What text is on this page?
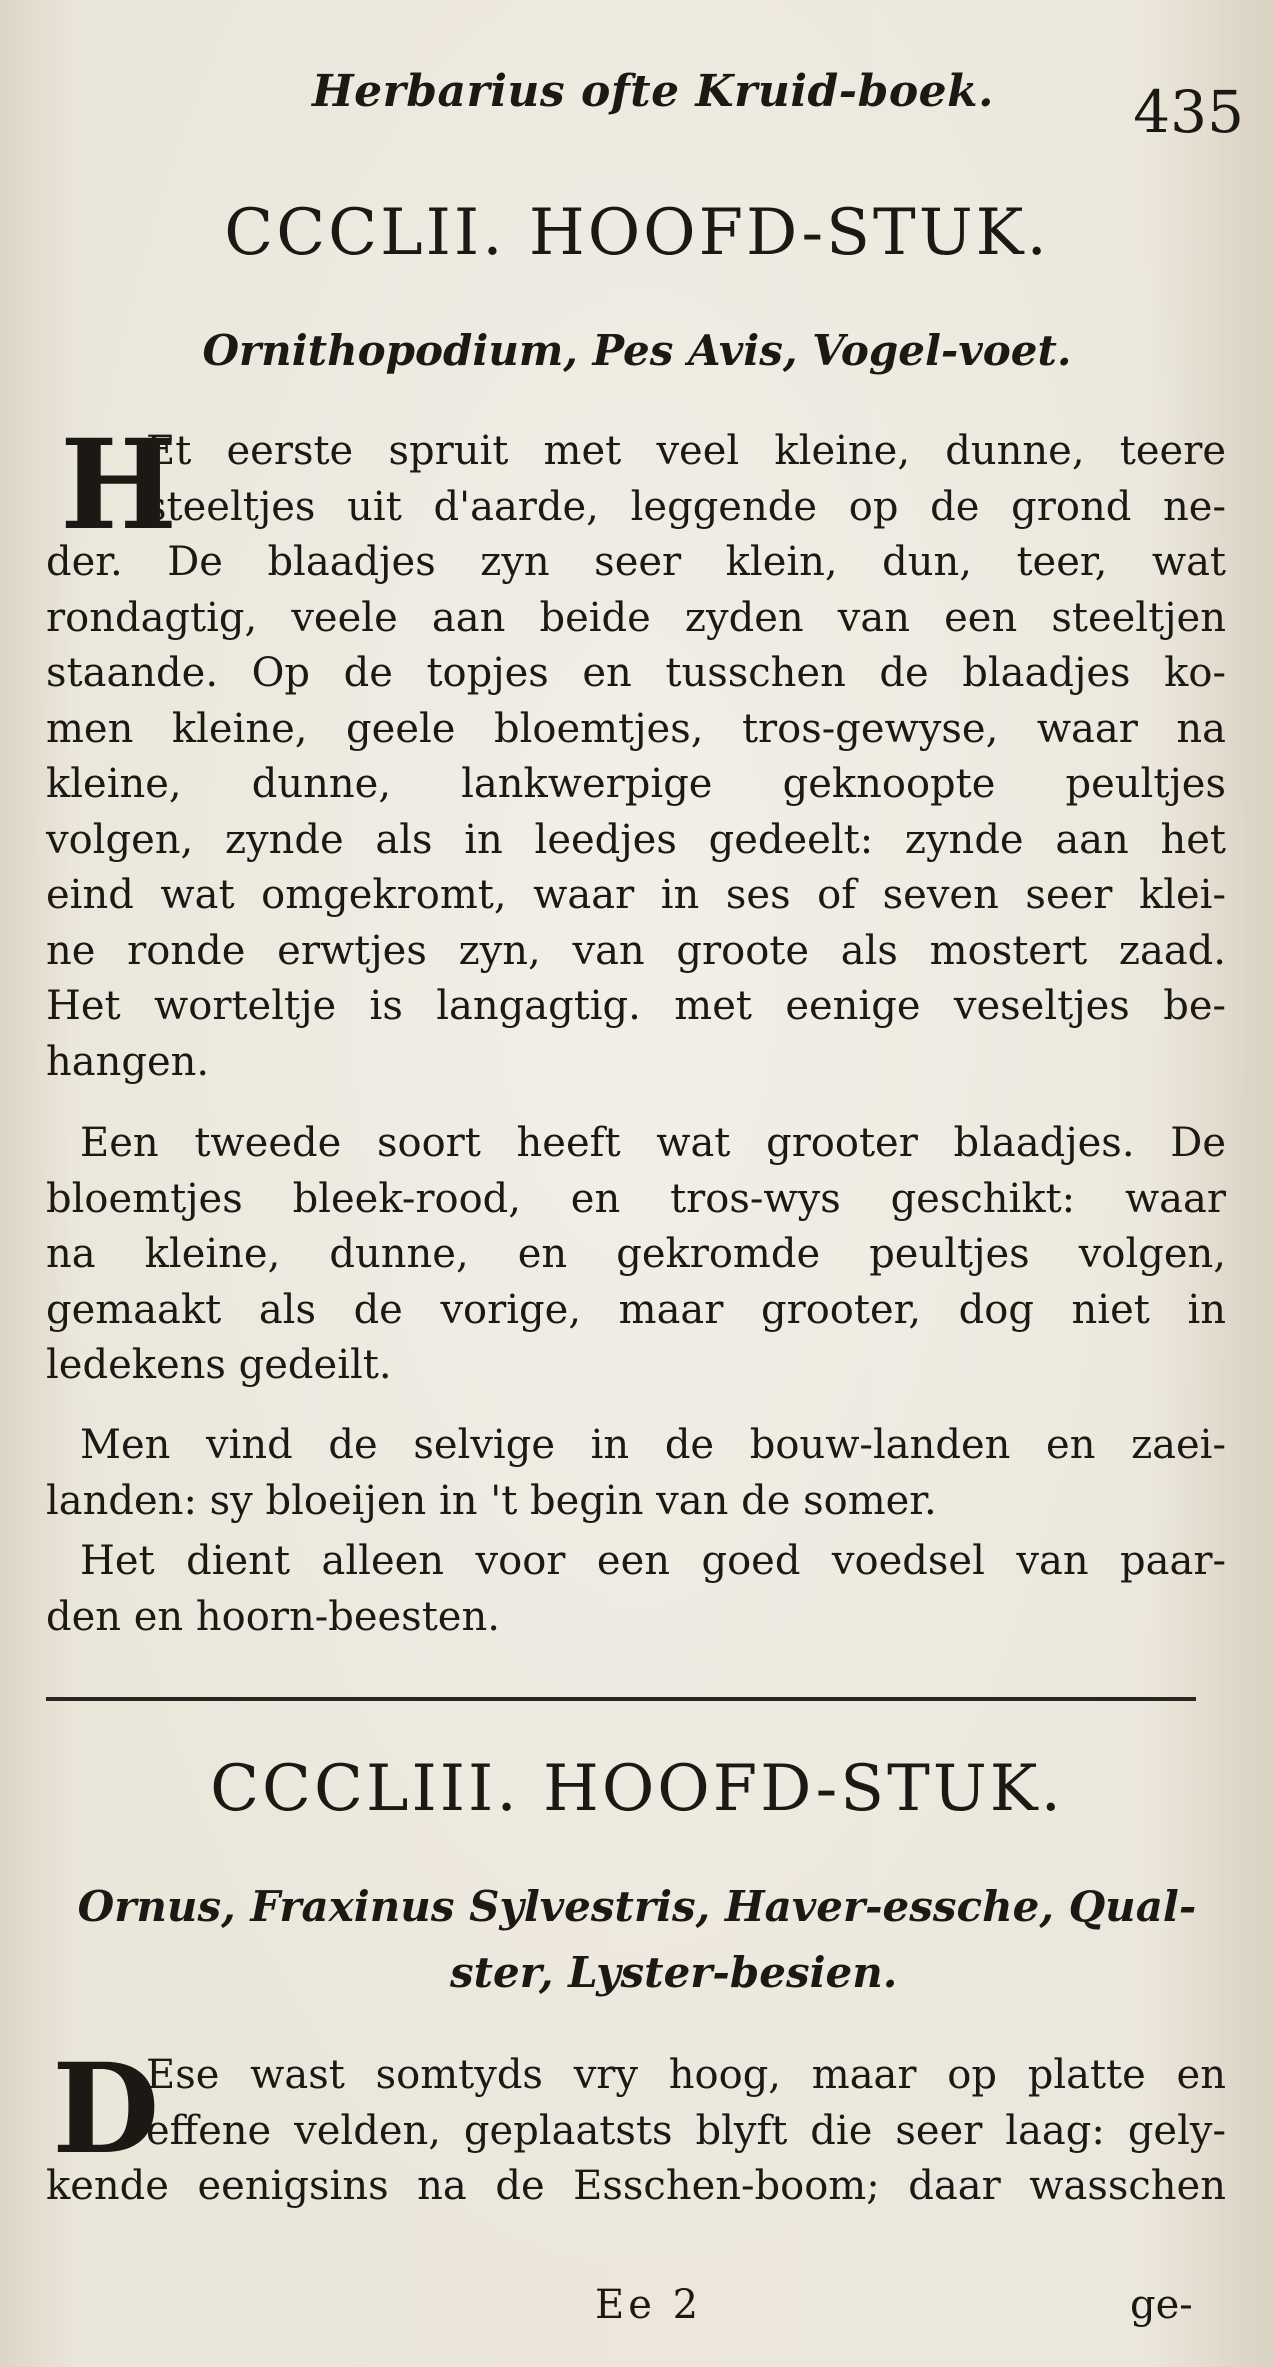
Herbarius ofte Kruid-boek. 435
CCCLII. HOOFD-STUK.
Ornithopodium, Pes Avis, Vogel-voet.
H
Et eerste spruit met veel kleine, dunne, teere
steeltjes uit d'aarde, leggende op de grond ne-
der. De blaadjes zyn seer klein, dun, teer, wat
rondagtig, veele aan beide zyden van een steeltjen
staande. Op de topjes en tusschen de blaadjes ko-
men kleine, geele bloemtjes, tros-gewyse, waar na
kleine, dunne, lankwerpige geknoopte peultjes
volgen, zynde als in leedjes gedeelt: zynde aan het
eind wat omgekromt, waar in ses of seven seer klei-
ne ronde erwtjes zyn, van groote als mostert zaad.
Het worteltje is langagtig. met eenige veseltjes be-
hangen.
Een tweede soort heeft wat grooter blaadjes. De
bloemtjes bleek-rood, en tros-wys geschikt: waar
na kleine, dunne, en gekromde peultjes volgen,
gemaakt als de vorige, maar grooter, dog niet in
ledekens gedeilt.
Men vind de selvige in de bouw-landen en zaei-
landen: sy bloeijen in 't begin van de somer.
Het dient alleen voor een goed voedsel van paar-
den en hoorn-beesten.
CCCLIII. HOOFD-STUK.
Ornus, Fraxinus Sylvestris, Haver-essche, Qual-
ster, Lyster-besien.
D
Ese wast somtyds vry hoog, maar op platte en
effene velden, geplaatsts blyft die seer laag: gely-
kende eenigsins na de Esschen-boom; daar wasschen
Ee 2	ge-
